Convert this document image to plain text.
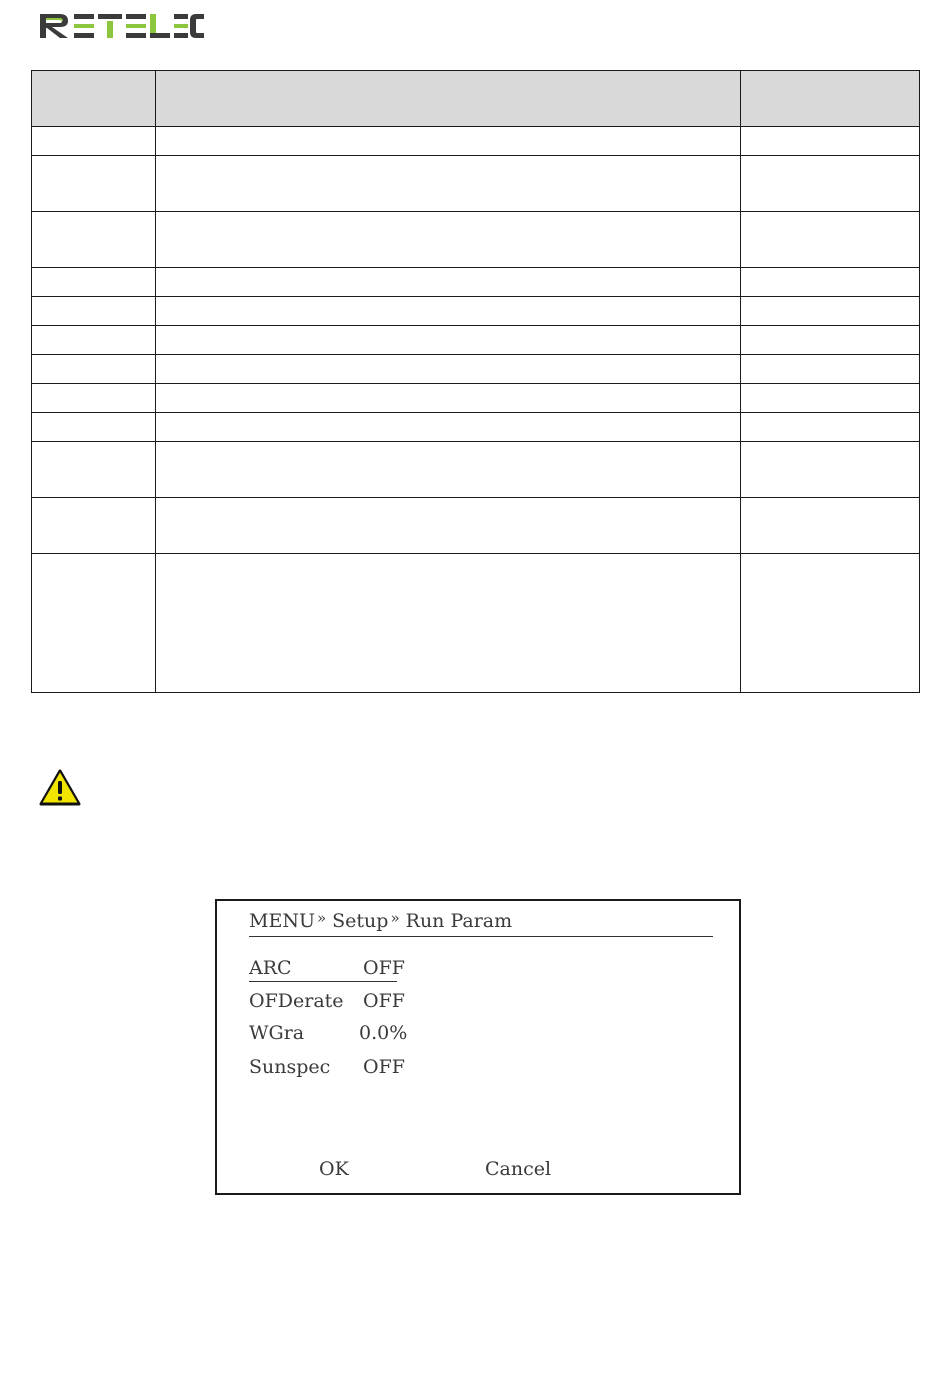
MENU » Setup » Run Param
ARC	OFF
OFDerate OFF
WGra	0.0%
Sunspec OFF
OK	Cancel
